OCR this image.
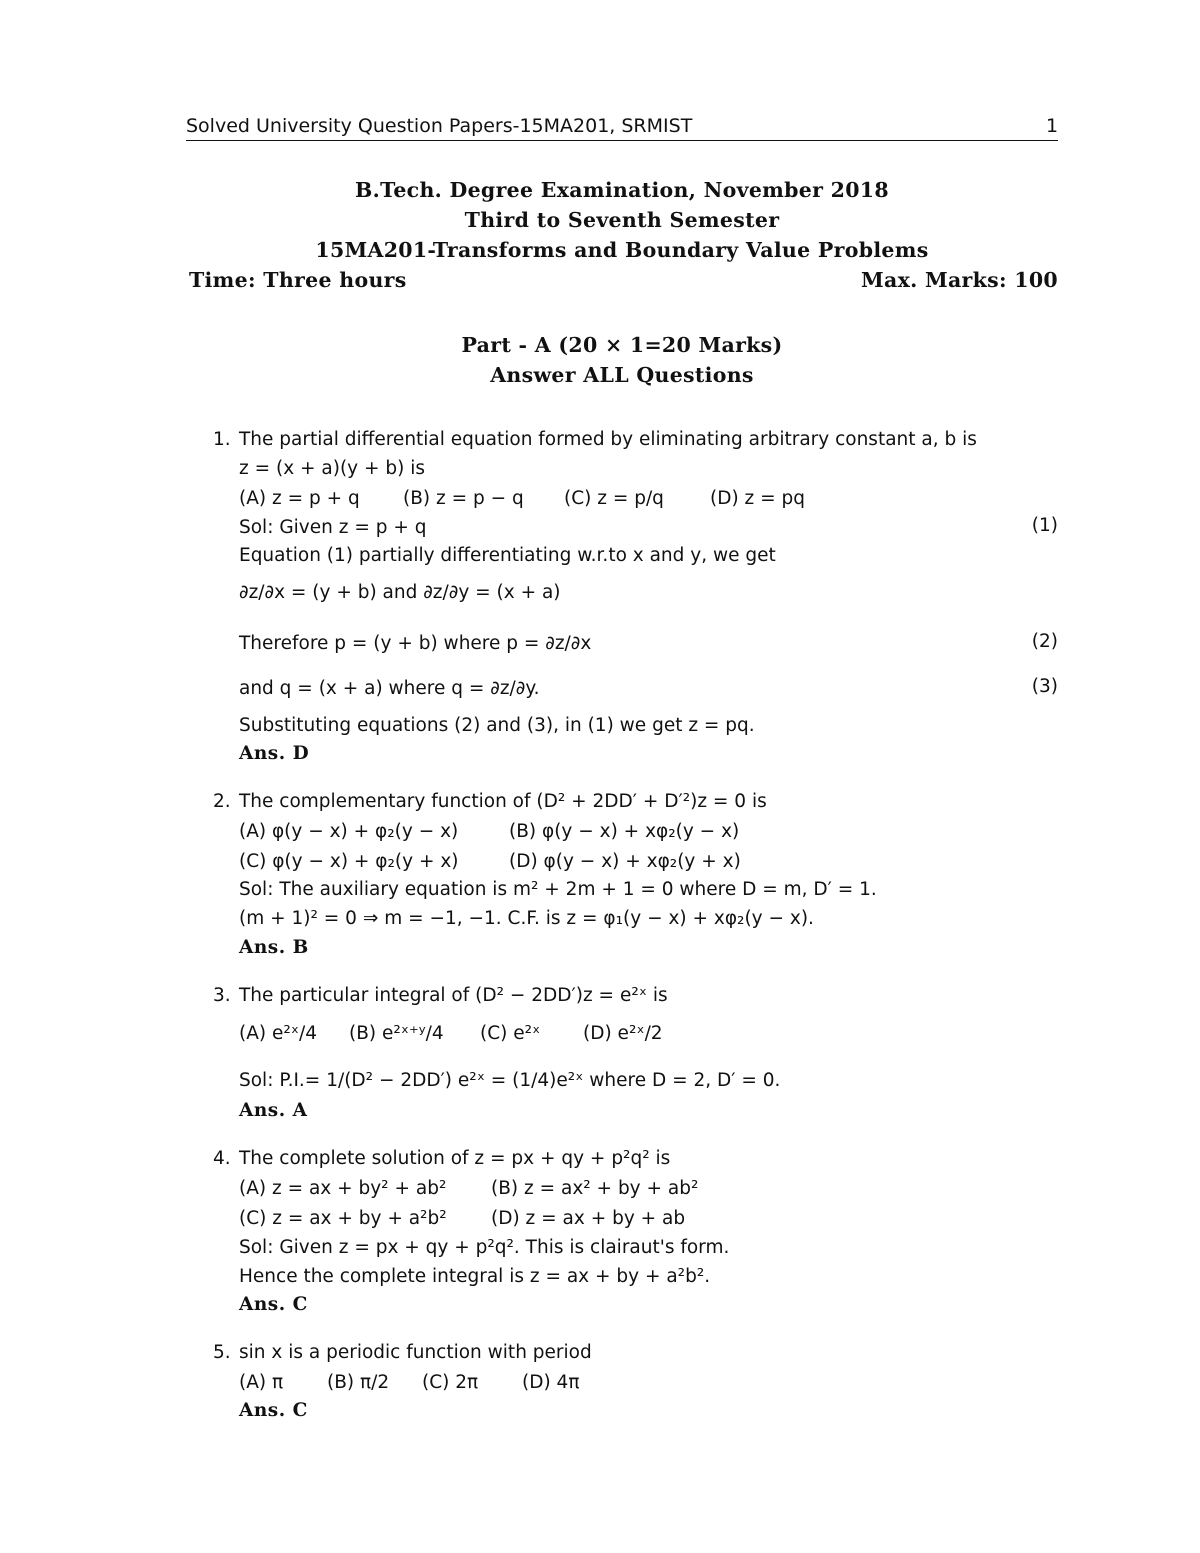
Solved University Question Papers-15MA201, SRMIST	1
B.Tech. Degree Examination, November 2018
Third to Seventh Semester
15MA201-Transforms and Boundary Value Problems
Time: Three hours	Max. Marks: 100
Part - A (20 × 1=20 Marks)
Answer ALL Questions
1. The partial differential equation formed by eliminating arbitrary constant a, b is
z = (x + a)(y + b) is
(A) z = p + q (B) z = p − q (C) z = p/q (D) z = pq
Sol: Given z = p + q	(1)
Equation (1) partially differentiating w.r.to x and y, we get
∂z/∂x = (y + b) and ∂z/∂y = (x + a)
Therefore p = (y + b) where p = ∂z/∂x	(2)
and q = (x + a) where q = ∂z/∂y.	(3)
Substituting equations (2) and (3), in (1) we get z = pq.
Ans. D
2. The complementary function of (D² + 2DD′ + D′²)z = 0 is
(A) φ(y − x) + φ₂(y − x)	(B) φ(y − x) + xφ₂(y − x)
(C) φ(y − x) + φ₂(y + x)	(D) φ(y − x) + xφ₂(y + x)
Sol: The auxiliary equation is m² + 2m + 1 = 0 where D = m, D′ = 1.
(m + 1)² = 0 ⇒ m = −1, −1. C.F. is z = φ₁(y − x) + xφ₂(y − x).
Ans. B
3. The particular integral of (D² − 2DD′)z = e²ˣ is
(A) e²ˣ/4 (B) e²ˣ⁺ʸ/4 (C) e²ˣ (D) e²ˣ/2
Sol: P.I.= 1/(D² − 2DD′) e²ˣ = (1/4)e²ˣ where D = 2, D′ = 0.
Ans. A
4. The complete solution of z = px + qy + p²q² is
(A) z = ax + by² + ab² (B) z = ax² + by + ab²
(C) z = ax + by + a²b² (D) z = ax + by + ab
Sol: Given z = px + qy + p²q². This is clairaut's form.
Hence the complete integral is z = ax + by + a²b².
Ans. C
5. sin x is a periodic function with period
(A) π (B) π/2 (C) 2π (D) 4π
Ans. C
